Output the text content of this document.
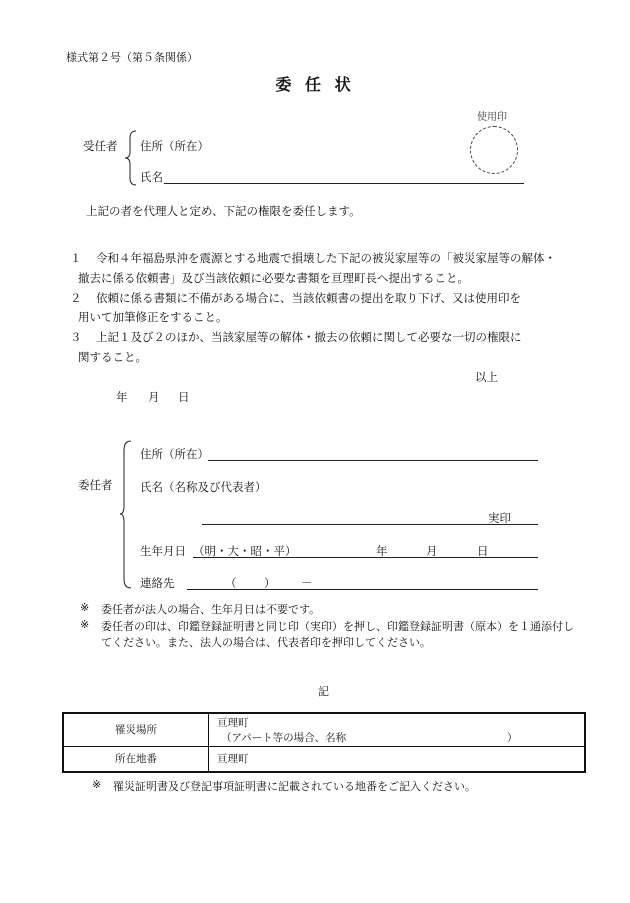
様式第２号（第５条関係）
委 任 状
使用印
受任者 住所（所在）
氏名
上記の者を代理人と定め、下記の権限を委任します。
１ 令和４年福島県沖を震源とする地震で損壊した下記の被災家屋等の「被災家屋等の解体・
撤去に係る依頼書」及び当該依頼に必要な書類を亘理町長へ提出すること。
２ 依頼に係る書類に不備がある場合に、当該依頼書の提出を取り下げ、又は使用印を
用いて加筆修正をすること。
３ 上記１及び２のほか、当該家屋等の解体・撤去の依頼に関して必要な一切の権限に
関すること。
以上
年 月 日
委任者
住所（所在）
氏名（名称及び代表者）
実印
生年月日 （明・大・昭・平）	年	月	日
連絡先	（ ） －
※ 委任者が法人の場合、生年月日は不要です。
※ 委任者の印は、印鑑登録証明書と同じ印（実印）を押し、印鑑登録証明書（原本）を１通添付し
てください。また、法人の場合は、代表者印を押印してください。
記
罹災場所	亘理町
（アパート等の場合、名称 ）

所在地番	亘理町
※ 罹災証明書及び登記事項証明書に記載されている地番をご記入ください。
